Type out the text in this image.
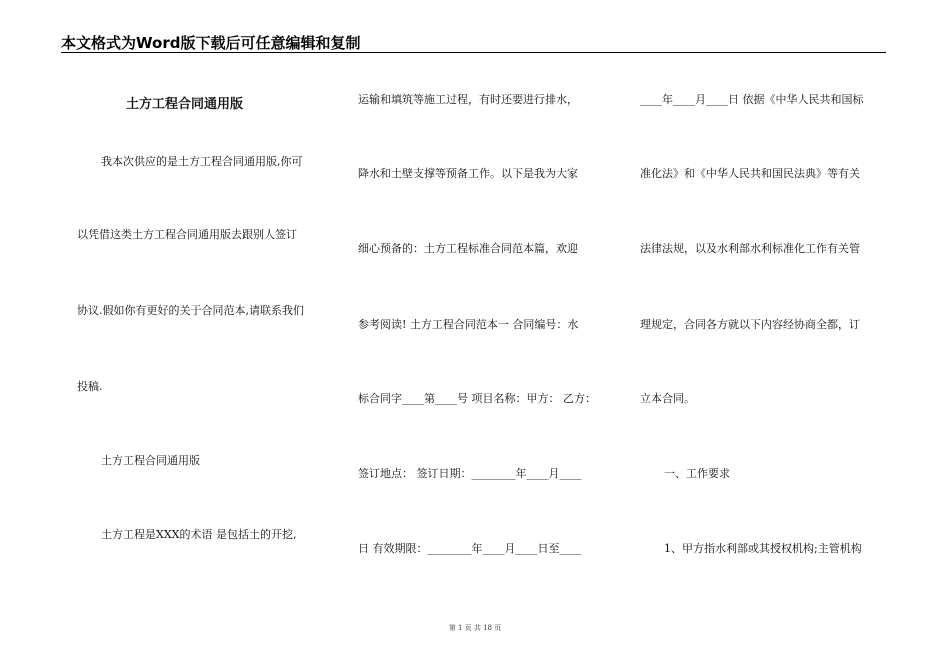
本文格式为Word版下载后可任意编辑和复制
土方工程合同通用版
我本次供应的是土方工程合同通用版,你可
以凭借这类土方工程合同通用版去跟别人签订
协议.假如你有更好的关于合同范本,请联系我们
投稿.
土方工程合同通用版
土方工程是XXX的术语 是包括土的开挖,
运输和填筑等施工过程，有时还要进行排水，
降水和土壁支撑等预备工作。以下是我为大家
细心预备的：土方工程标准合同范本篇，欢迎
参考阅读! 土方工程合同范本一 合同编号：水
标合同字____第____号 项目名称：甲方： 乙方：
签订地点： 签订日期：________年____月____
日 有效期限：________年____月____日至____
____年____月____日 依据《中华人民共和国标
准化法》和《中华人民共和国民法典》等有关
法律法规，以及水利部水利标准化工作有关管
理规定，合同各方就以下内容经协商全都，订
立本合同。
一、工作要求
1、甲方指水利部或其授权机构;主管机构
第 1 页 共 18 页
